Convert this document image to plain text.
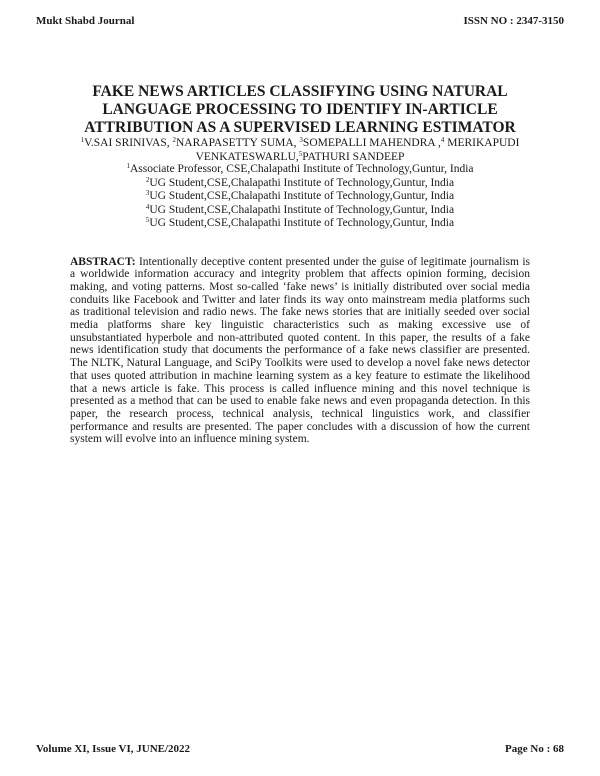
Mukt Shabd Journal	ISSN NO : 2347-3150
FAKE NEWS ARTICLES CLASSIFYING USING NATURAL LANGUAGE PROCESSING TO IDENTIFY IN-ARTICLE ATTRIBUTION AS A SUPERVISED LEARNING ESTIMATOR
$^1$V.SAI SRINIVAS, $^2$NARAPASETTY SUMA, $^3$SOMEPALLI MAHENDRA ,$^4$ MERIKAPUDI VENKATESWARLU,$^5$PATHURI SANDEEP
$^1$Associate Professor, CSE,Chalapathi Institute of Technology,Guntur, India
$^2$UG Student,CSE,Chalapathi Institute of Technology,Guntur, India
$^3$UG Student,CSE,Chalapathi Institute of Technology,Guntur, India
$^4$UG Student,CSE,Chalapathi Institute of Technology,Guntur, India
$^5$UG Student,CSE,Chalapathi Institute of Technology,Guntur, India

ABSTRACT: Intentionally deceptive content presented under the guise of legitimate journalism is a worldwide information accuracy and integrity problem that affects opinion forming, decision making, and voting patterns. Most so-called ‘fake news’ is initially distributed over social media conduits like Facebook and Twitter and later finds its way onto mainstream media platforms such as traditional television and radio news. The fake news stories that are initially seeded over social media platforms share key linguistic characteristics such as making excessive use of unsubstantiated hyperbole and non-attributed quoted content. In this paper, the results of a fake news identification study that documents the performance of a fake news classifier are presented. The NLTK, Natural Language, and SciPy Toolkits were used to develop a novel fake news detector that uses quoted attribution in machine learning system as a key feature to estimate the likelihood that a news article is fake. This process is called influence mining and this novel technique is presented as a method that can be used to enable fake news and even propaganda detection. In this paper, the research process, technical analysis, technical linguistics work, and classifier performance and results are presented. The paper concludes with a discussion of how the current system will evolve into an influence mining system.

Volume XI, Issue VI, JUNE/2022	Page No : 68
